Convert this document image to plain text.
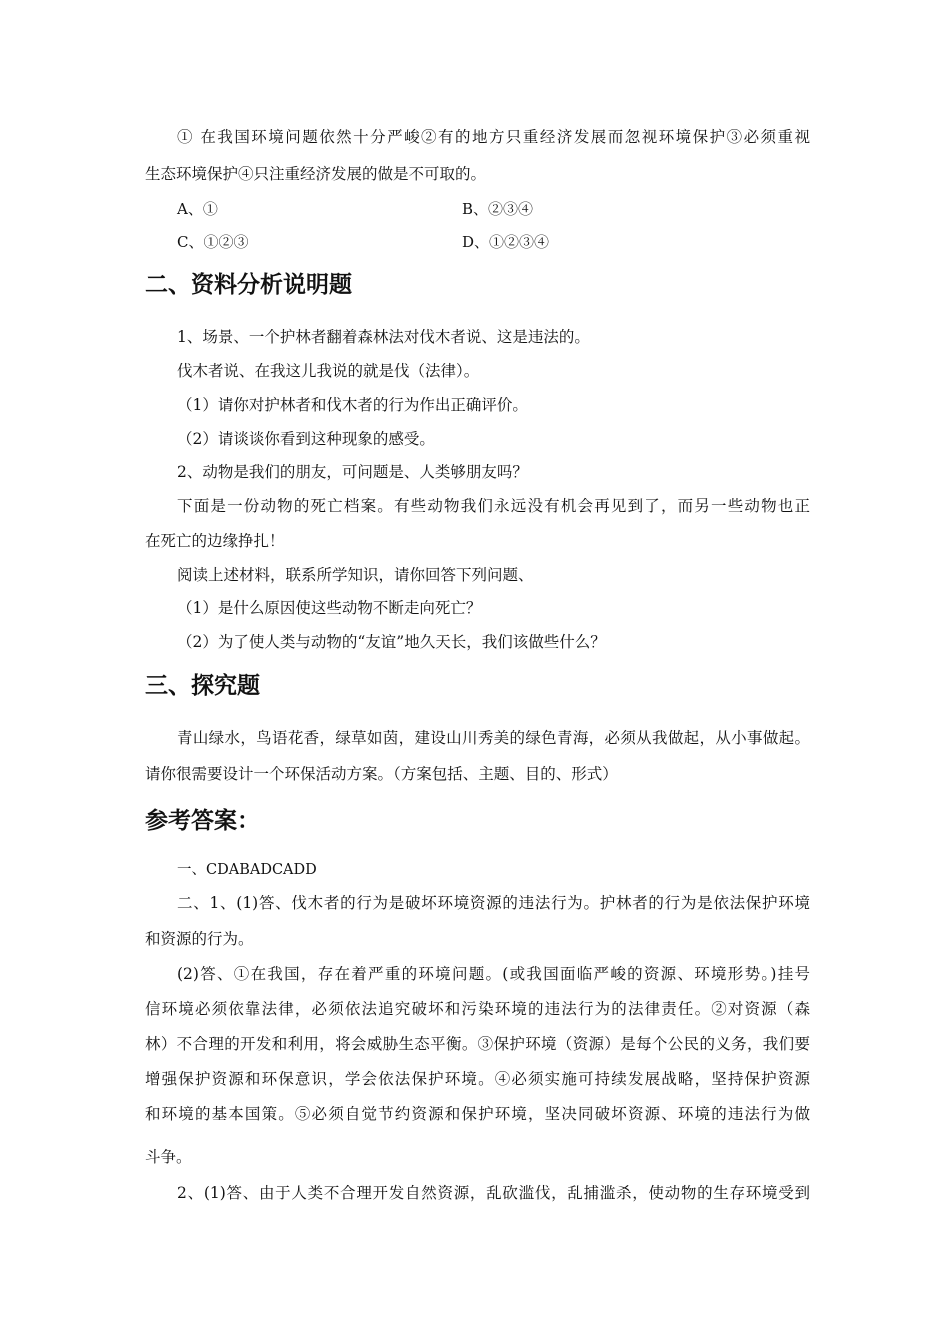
① 在我国环境问题依然十分严峻②有的地方只重经济发展而忽视环境保护③必须重视
生态环境保护④只注重经济发展的做是不可取的。
A、①	B、②③④
C、①②③	D、①②③④
二、资料分析说明题
1、场景、一个护林者翻着森林法对伐木者说、这是违法的。
伐木者说、在我这儿我说的就是伐（法律）。
（1）请你对护林者和伐木者的行为作出正确评价。
（2）请谈谈你看到这种现象的感受。
2、动物是我们的朋友，可问题是、人类够朋友吗？
下面是一份动物的死亡档案。有些动物我们永远没有机会再见到了，而另一些动物也正
在死亡的边缘挣扎！
阅读上述材料，联系所学知识，请你回答下列问题、
（1）是什么原因使这些动物不断走向死亡？
（2）为了使人类与动物的“友谊”地久天长，我们该做些什么？
三、探究题
青山绿水，鸟语花香，绿草如茵，建设山川秀美的绿色青海，必须从我做起，从小事做起。
请你很需要设计一个环保活动方案。（方案包括、主题、目的、形式）
参考答案：
一、CDABADCADD
二、1、(1)答、伐木者的行为是破坏环境资源的违法行为。护林者的行为是依法保护环境
和资源的行为。
(2)答、①在我国，存在着严重的环境问题。(或我国面临严峻的资源、环境形势。)挂号
信环境必须依靠法律，必须依法追究破坏和污染环境的违法行为的法律责任。②对资源（森
林）不合理的开发和利用，将会威胁生态平衡。③保护环境（资源）是每个公民的义务，我们要
增强保护资源和环保意识，学会依法保护环境。④必须实施可持续发展战略，坚持保护资源
和环境的基本国策。⑤必须自觉节约资源和保护环境，坚决同破坏资源、环境的违法行为做
斗争。
2、(1)答、由于人类不合理开发自然资源，乱砍滥伐，乱捕滥杀，使动物的生存环境受到
